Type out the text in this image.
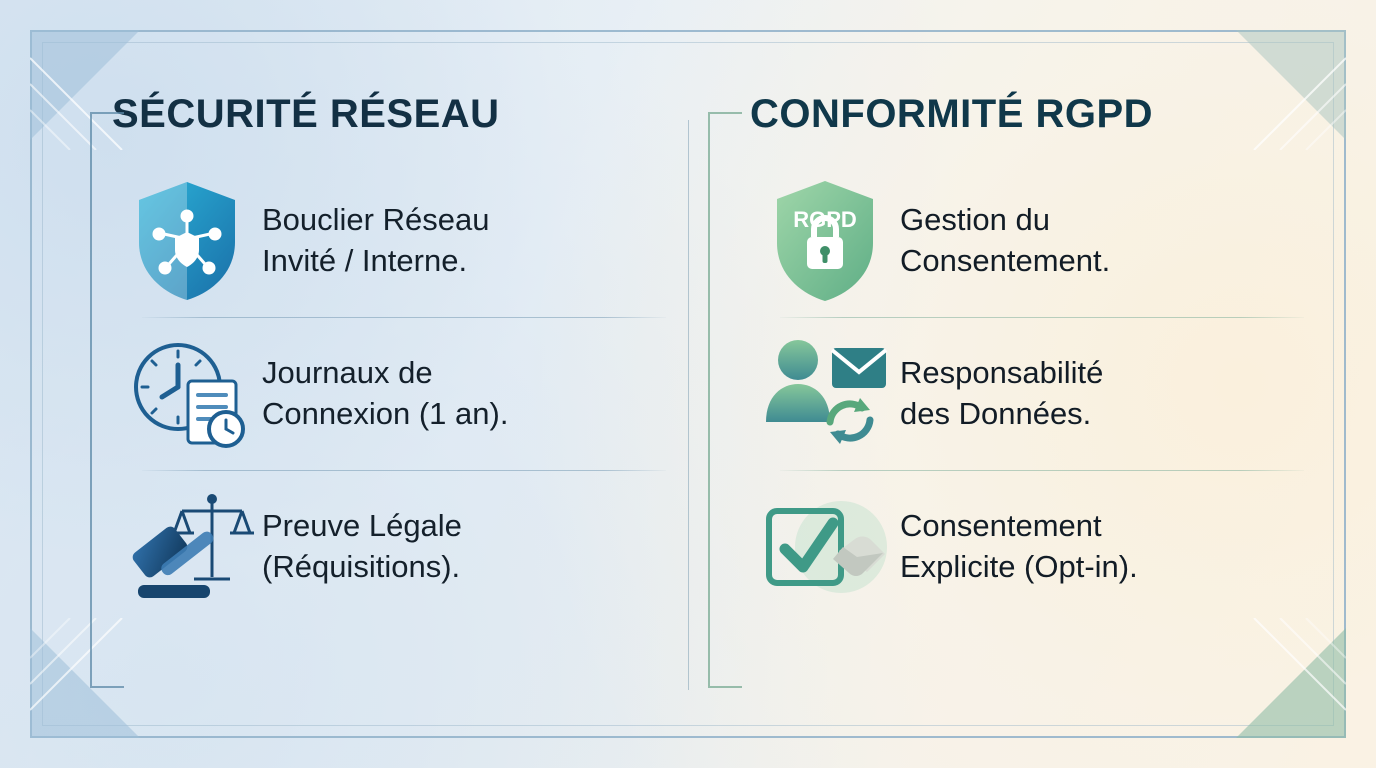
SÉCURITÉ RÉSEAU
Bouclier Réseau
Invité / Interne.
Journaux de
Connexion (1 an).
Preuve Légale
(Réquisitions).
CONFORMITÉ RGPD
RGPD Gestion du
Consentement.
Responsabilité
des Données.
Consentement
Explicite (Opt-in).
